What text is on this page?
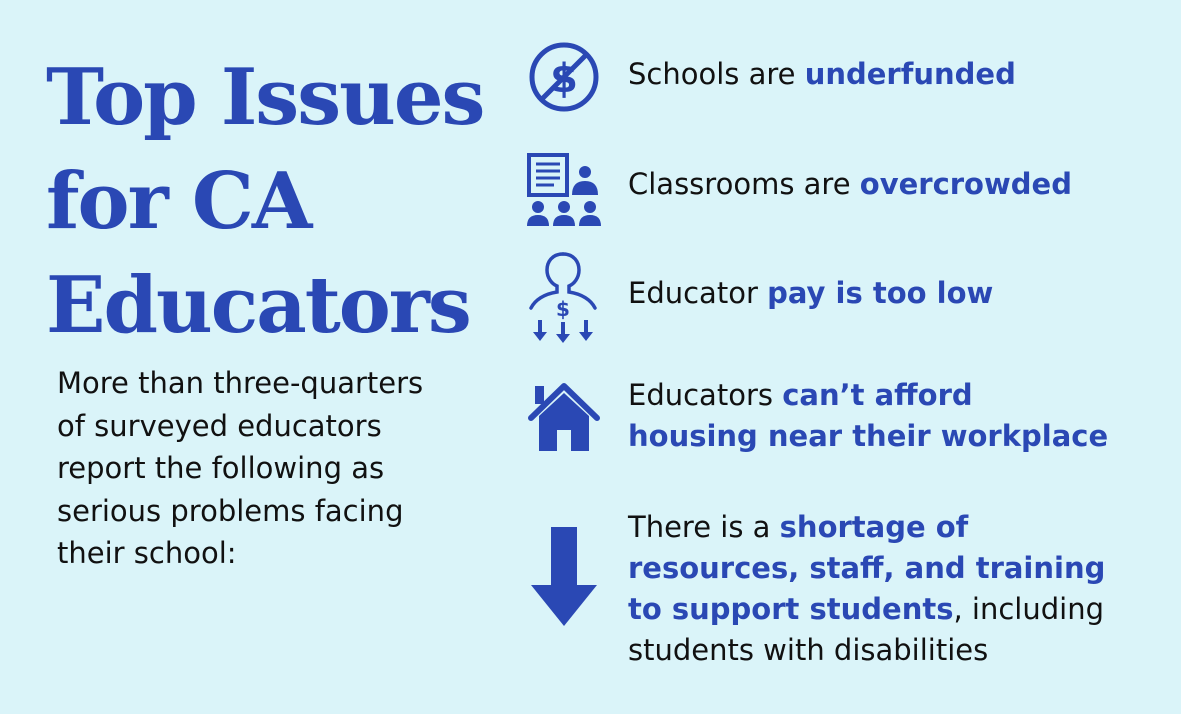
Top Issues
for CA
Educators

More than three-quarters
of surveyed educators
report the following as
serious problems facing
their school:

$ Schools are underfunded
Classrooms are overcrowded
$ Educator pay is too low
Educators can’t afford
housing near their workplace
There is a shortage of
resources, staff, and training
to support students, including
students with disabilities
